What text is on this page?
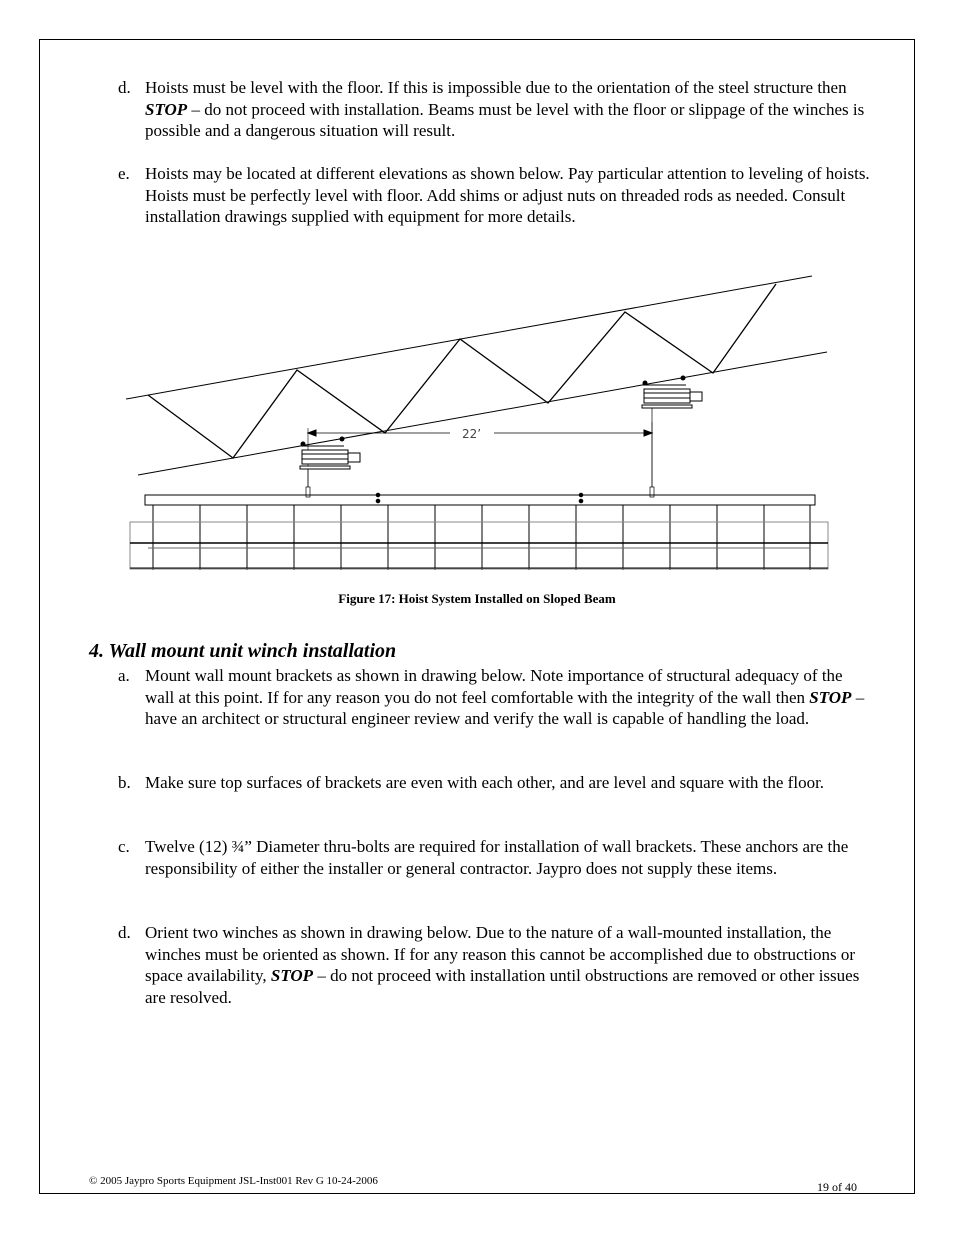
d. Hoists must be level with the floor. If this is impossible due to the orientation of the steel structure then STOP – do not proceed with installation. Beams must be level with the floor or slippage of the winches is possible and a dangerous situation will result.
e. Hoists may be located at different elevations as shown below. Pay particular attention to leveling of hoists. Hoists must be perfectly level with floor. Add shims or adjust nuts on threaded rods as needed. Consult installation drawings supplied with equipment for more details.
22’
Figure 17: Hoist System Installed on Sloped Beam
4. Wall mount unit winch installation
a. Mount wall mount brackets as shown in drawing below. Note importance of structural adequacy of the wall at this point. If for any reason you do not feel comfortable with the integrity of the wall then STOP – have an architect or structural engineer review and verify the wall is capable of handling the load.
b. Make sure top surfaces of brackets are even with each other, and are level and square with the floor.
c. Twelve (12) ¾” Diameter thru-bolts are required for installation of wall brackets. These anchors are the responsibility of either the installer or general contractor. Jaypro does not supply these items.
d. Orient two winches as shown in drawing below. Due to the nature of a wall-mounted installation, the winches must be oriented as shown. If for any reason this cannot be accomplished due to obstructions or space availability, STOP – do not proceed with installation until obstructions are removed or other issues are resolved.
© 2005 Jaypro Sports Equipment JSL-Inst001 Rev G 10-24-2006	19 of 40
